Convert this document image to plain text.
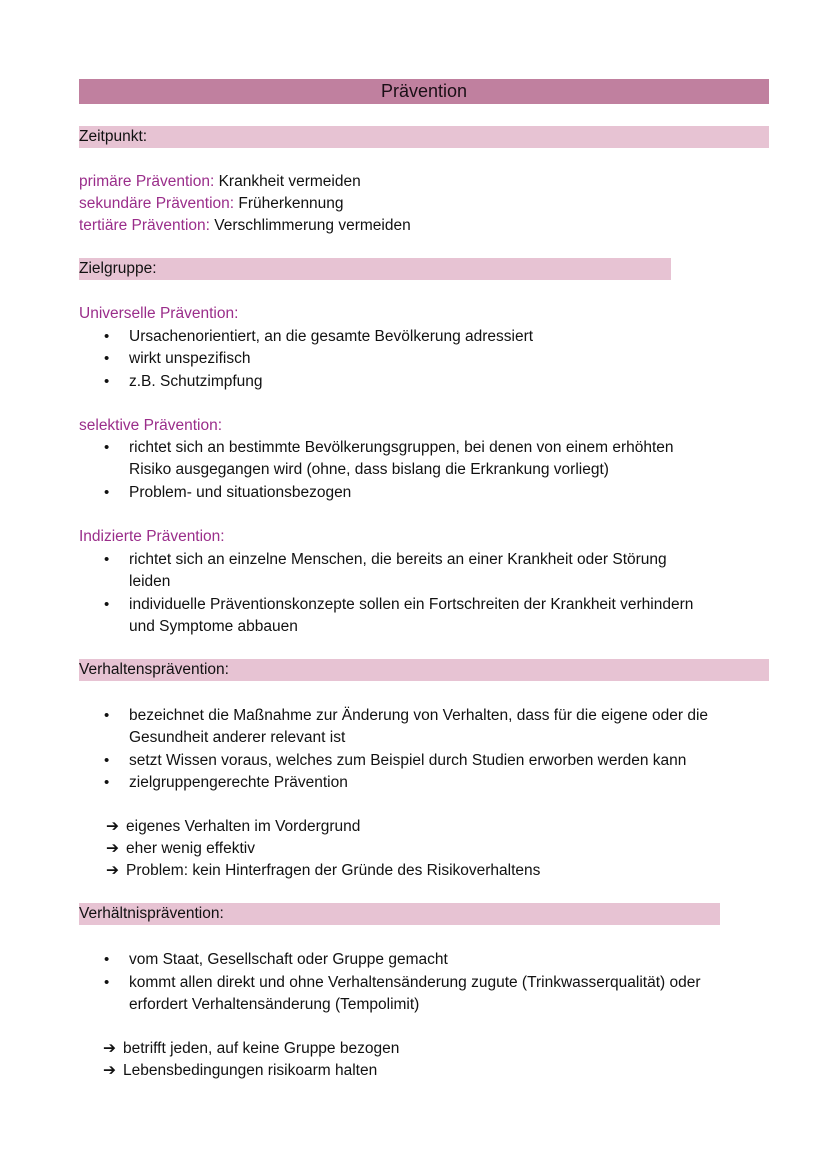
Prävention
Zeitpunkt:
primäre Prävention: Krankheit vermeiden
sekundäre Prävention: Früherkennung
tertiäre Prävention: Verschlimmerung vermeiden
Zielgruppe:
Universelle Prävention:
• Ursachenorientiert, an die gesamte Bevölkerung adressiert
• wirkt unspezifisch
• z.B. Schutzimpfung
selektive Prävention:
• richtet sich an bestimmte Bevölkerungsgruppen, bei denen von einem erhöhten
Risiko ausgegangen wird (ohne, dass bislang die Erkrankung vorliegt)
• Problem- und situationsbezogen
Indizierte Prävention:
• richtet sich an einzelne Menschen, die bereits an einer Krankheit oder Störung
leiden
• individuelle Präventionskonzepte sollen ein Fortschreiten der Krankheit verhindern
und Symptome abbauen
Verhaltensprävention:
• bezeichnet die Maßnahme zur Änderung von Verhalten, dass für die eigene oder die
Gesundheit anderer relevant ist
• setzt Wissen voraus, welches zum Beispiel durch Studien erworben werden kann
• zielgruppengerechte Prävention
➔ eigenes Verhalten im Vordergrund
➔ eher wenig effektiv
➔ Problem: kein Hinterfragen der Gründe des Risikoverhaltens
Verhältnisprävention:
• vom Staat, Gesellschaft oder Gruppe gemacht
• kommt allen direkt und ohne Verhaltensänderung zugute (Trinkwasserqualität) oder
erfordert Verhaltensänderung (Tempolimit)
➔ betrifft jeden, auf keine Gruppe bezogen
➔ Lebensbedingungen risikoarm halten
